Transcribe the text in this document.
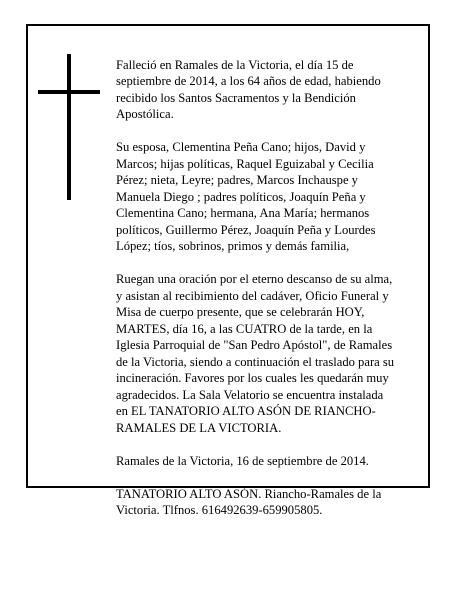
Falleció en Ramales de la Victoria, el día 15 de
septiembre de 2014, a los 64 años de edad, habiendo
recibido los Santos Sacramentos y la Bendición
Apostólica.

Su esposa, Clementina Peña Cano; hijos, David y
Marcos; hijas políticas, Raquel Eguizabal y Cecilia
Pérez; nieta, Leyre; padres, Marcos Inchauspe y
Manuela Diego ; padres políticos, Joaquín Peña y
Clementina Cano; hermana, Ana María; hermanos
políticos, Guillermo Pérez, Joaquín Peña y Lourdes
López; tíos, sobrinos, primos y demás familia,

Ruegan una oración por el eterno descanso de su alma,
y asistan al recibimiento del cadáver, Oficio Funeral y
Misa de cuerpo presente, que se celebrarán HOY,
MARTES, día 16, a las CUATRO de la tarde, en la
Iglesia Parroquial de "San Pedro Apóstol", de Ramales
de la Victoria, siendo a continuación el traslado para su
incineración. Favores por los cuales les quedarán muy
agradecidos. La Sala Velatorio se encuentra instalada
en EL TANATORIO ALTO ASÓN DE RIANCHO-
RAMALES DE LA VICTORIA.

Ramales de la Victoria, 16 de septiembre de 2014.

TANATORIO ALTO ASÓN. Riancho-Ramales de la
Victoria. Tlfnos. 616492639-659905805.
